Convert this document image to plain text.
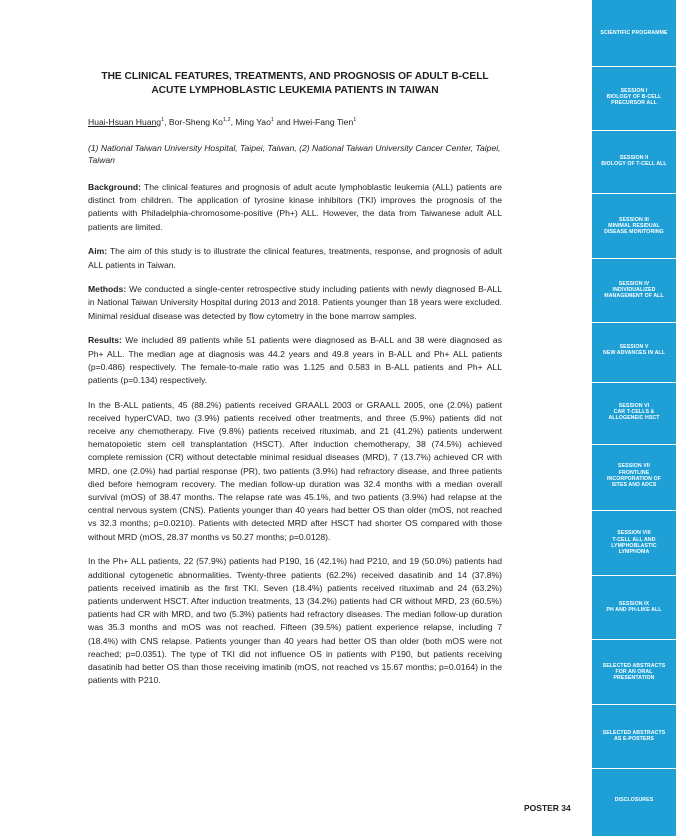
THE CLINICAL FEATURES, TREATMENTS, AND PROGNOSIS OF ADULT B-CELL ACUTE LYMPHOBLASTIC LEUKEMIA PATIENTS IN TAIWAN
Huai-Hsuan Huang$^1$, Bor-Sheng Ko$^{1,2}$, Ming Yao$^1$ and Hwei-Fang Tien$^1$
(1) National Taiwan University Hospital, Taipei, Taiwan, (2) National Taiwan University Cancer Center, Taipei, Taiwan
Background: The clinical features and prognosis of adult acute lymphoblastic leukemia (ALL) patients are distinct from children. The application of tyrosine kinase inhibitors (TKI) improves the prognosis of the patients with Philadelphia-chromosome-positive (Ph+) ALL. However, the data from Taiwanese adult ALL patients are limited.
Aim: The aim of this study is to illustrate the clinical features, treatments, response, and prognosis of adult ALL patients in Taiwan.
Methods: We conducted a single-center retrospective study including patients with newly diagnosed B-ALL in National Taiwan University Hospital during 2013 and 2018. Patients younger than 18 years were excluded. Minimal residual disease was detected by flow cytometry in the bone marrow samples.
Results: We included 89 patients while 51 patients were diagnosed as B-ALL and 38 were diagnosed as Ph+ ALL. The median age at diagnosis was 44.2 years and 49.8 years in B-ALL and Ph+ ALL patients (p=0.486) respectively. The female-to-male ratio was 1.125 and 0.583 in B-ALL patients and Ph+ ALL patients (p=0.134) respectively.
In the B-ALL patients, 45 (88.2%) patients received GRAALL 2003 or GRAALL 2005, one (2.0%) patient received hyperCVAD, two (3.9%) patients received other treatments, and three (5.9%) patients did not receive any chemotherapy. Five (9.8%) patients received rituximab, and 21 (41.2%) patients underwent hematopoietic stem cell transplantation (HSCT). After induction chemotherapy, 38 (74.5%) achieved complete remission (CR) without detectable minimal residual diseases (MRD), 7 (13.7%) achieved CR with MRD, one (2.0%) had partial response (PR), two patients (3.9%) had refractory disease, and three patients died before hemogram recovery. The median follow-up duration was 32.4 months with a median overall survival (mOS) of 38.47 months. The relapse rate was 45.1%, and two patients (3.9%) had relapse at the central nervous system (CNS). Patients younger than 40 years had better OS than older (mOS, not reached vs 32.3 months; p=0.0210). Patients with detected MRD after HSCT had shorter OS compared with those without MRD (mOS, 28.37 months vs 50.27 months; p=0.0128).
In the Ph+ ALL patients, 22 (57.9%) patients had P190, 16 (42.1%) had P210, and 19 (50.0%) patients had additional cytogenetic abnormalities. Twenty-three patients (62.2%) received dasatinib and 14 (37.8%) patients received imatinib as the first TKI. Seven (18.4%) patients received rituximab and 24 (63.2%) patients underwent HSCT. After induction treatments, 13 (34.2%) patients had CR without MRD, 23 (60.5%) patients had CR with MRD, and two (5.3%) patients had refractory diseases. The median follow-up duration was 35.3 months and mOS was not reached. Fifteen (39.5%) patient experience relapse, including 7 (18.4%) with CNS relapse. Patients younger than 40 years had better OS than older (both mOS were not reached; p=0.0351). The type of TKI did not influence OS in patients with P190, but patients receiving dasatinib had better OS than those receiving imatinib (mOS, not reached vs 15.67 months; p=0.0164) in the patients with P210.
POSTER 34
SCIENTIFIC PROGRAMME
SESSION I
BIOLOGY OF B-CELL
PRECURSOR ALL
SESSION II
BIOLOGY OF T-CELL ALL
SESSION III
MINIMAL RESIDUAL
DISEASE MONITORING
SESSION IV
INDIVIDUALIZED
MANAGEMENT OF ALL
SESSION V
NEW ADVANCES IN ALL
SESSION VI
CAR T-CELLS &
ALLOGENEIC HSCT
SESSION VII
FRONTLINE
INCORPORATION OF
SITES AND ADCS
SESSION VIII
T-CELL ALL AND
LYMPHOBLASTIC
LYMPHOMA
SESSION IX
PH AND PH-LIKE ALL
SELECTED ABSTRACTS
FOR AN ORAL
PRESENTATION
SELECTED ABSTRACTS
AS E-POSTERS
DISCLOSURES
